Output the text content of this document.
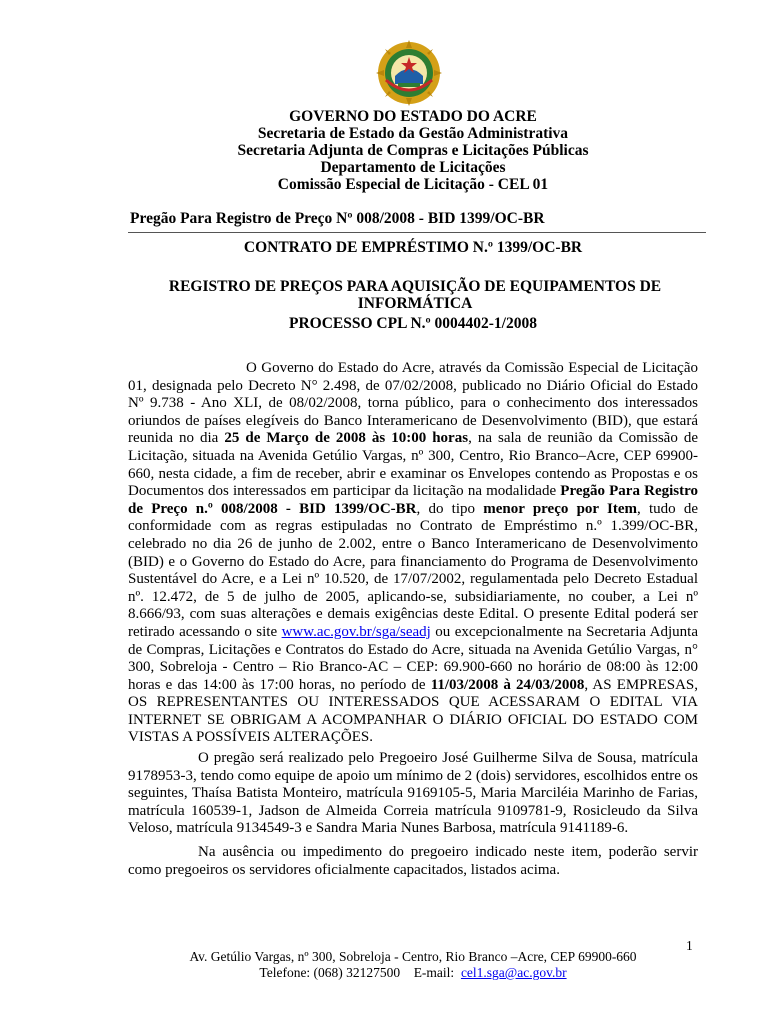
GOVERNO DO ESTADO DO ACRE
Secretaria de Estado da Gestão Administrativa
Secretaria Adjunta de Compras e Licitações Públicas
Departamento de Licitações
Comissão Especial de Licitação - CEL 01
Pregão Para Registro de Preço Nº 008/2008 - BID 1399/OC-BR
CONTRATO DE EMPRÉSTIMO N.º 1399/OC-BR
REGISTRO DE PREÇOS PARA AQUISIÇÃO DE EQUIPAMENTOS DE INFORMÁTICA
PROCESSO CPL N.º 0004402-1/2008

O Governo do Estado do Acre, através da Comissão Especial de Licitação 01, designada pelo Decreto N° 2.498, de 07/02/2008, publicado no Diário Oficial do Estado Nº 9.738 - Ano XLI, de 08/02/2008, torna público, para o conhecimento dos interessados oriundos de países elegíveis do Banco Interamericano de Desenvolvimento (BID), que estará reunida no dia 25 de Março de 2008 às 10:00 horas, na sala de reunião da Comissão de Licitação, situada na Avenida Getúlio Vargas, nº 300, Centro, Rio Branco–Acre, CEP 69900-660, nesta cidade, a fim de receber, abrir e examinar os Envelopes contendo as Propostas e os Documentos dos interessados em participar da licitação na modalidade Pregão Para Registro de Preço n.º 008/2008 - BID 1399/OC-BR, do tipo menor preço por Item, tudo de conformidade com as regras estipuladas no Contrato de Empréstimo n.º 1.399/OC-BR, celebrado no dia 26 de junho de 2.002, entre o Banco Interamericano de Desenvolvimento (BID) e o Governo do Estado do Acre, para financiamento do Programa de Desenvolvimento Sustentável do Acre, e a Lei nº 10.520, de 17/07/2002, regulamentada pelo Decreto Estadual nº. 12.472, de 5 de julho de 2005, aplicando-se, subsidiariamente, no couber, a Lei nº 8.666/93, com suas alterações e demais exigências deste Edital. O presente Edital poderá ser retirado acessando o site www.ac.gov.br/sga/seadj ou excepcionalmente na Secretaria Adjunta de Compras, Licitações e Contratos do Estado do Acre, situada na Avenida Getúlio Vargas, n° 300, Sobreloja - Centro – Rio Branco-AC – CEP: 69.900-660 no horário de 08:00 às 12:00 horas e das 14:00 às 17:00 horas, no período de 11/03/2008 à 24/03/2008, AS EMPRESAS, OS REPRESENTANTES OU INTERESSADOS QUE ACESSARAM O EDITAL VIA INTERNET SE OBRIGAM A ACOMPANHAR O DIÁRIO OFICIAL DO ESTADO COM VISTAS A POSSÍVEIS ALTERAÇÕES.

O pregão será realizado pelo Pregoeiro José Guilherme Silva de Sousa, matrícula 9178953-3, tendo como equipe de apoio um mínimo de 2 (dois) servidores, escolhidos entre os seguintes, Thaísa Batista Monteiro, matrícula 9169105-5, Maria Marciléia Marinho de Farias, matrícula 160539-1, Jadson de Almeida Correia matrícula 9109781-9, Rosicleudo da Silva Veloso, matrícula 9134549-3 e Sandra Maria Nunes Barbosa, matrícula 9141189-6.

Na ausência ou impedimento do pregoeiro indicado neste item, poderão servir como pregoeiros os servidores oficialmente capacitados, listados acima.

1
Av. Getúlio Vargas, nº 300, Sobreloja - Centro, Rio Branco –Acre, CEP 69900-660
Telefone: (068) 32127500 E-mail: cel1.sga@ac.gov.br
